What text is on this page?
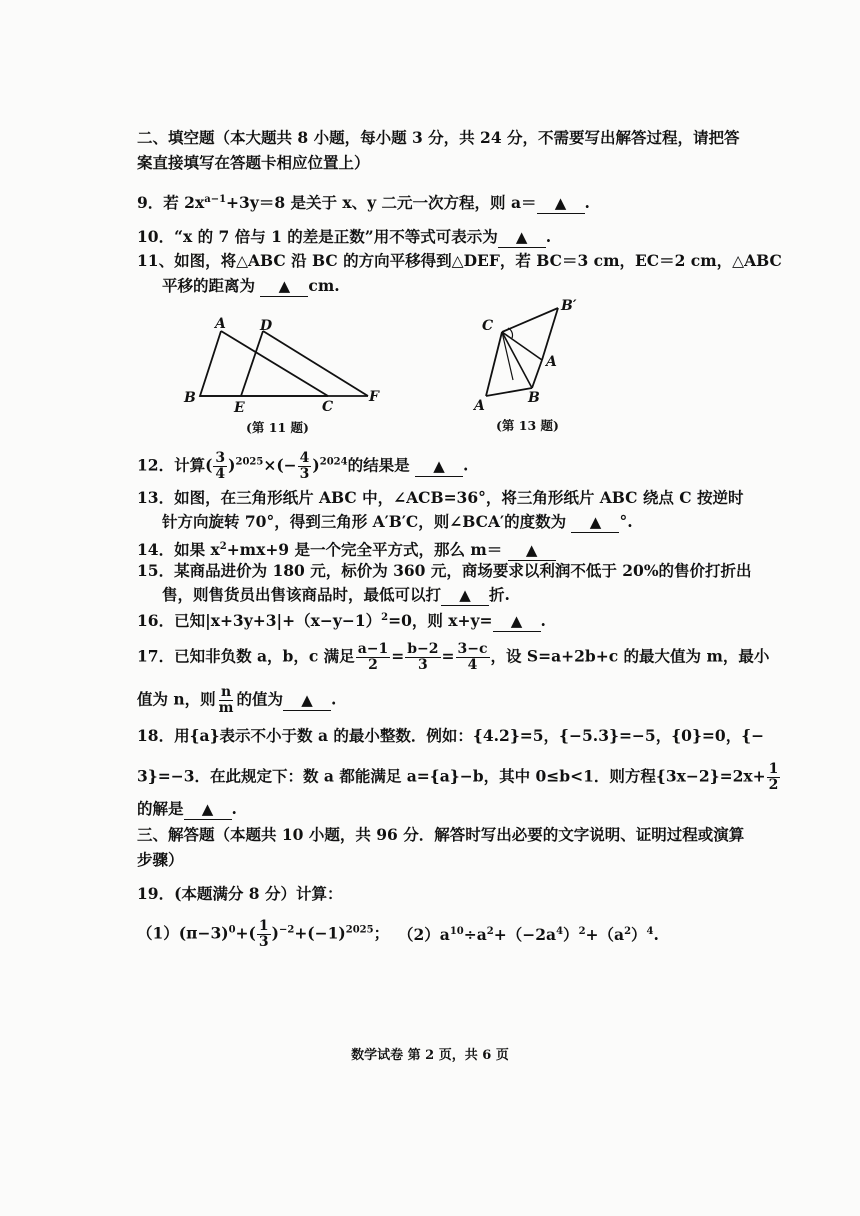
二、填空题（本大题共 8 小题，每小题 3 分，共 24 分，不需要写出解答过程，请把答
案直接填写在答题卡相应位置上）
9．若 $2x^{a-1}+3y=8$ 是关于 x、y 二元一次方程，则 a＝ ▲ .
10．“x 的 7 倍与 1 的差是正数”用不等式可表示为 ▲ .
11、如图，将△ABC 沿 BC 的方向平移得到△DEF，若 BC＝3 cm，EC＝2 cm，△ABC
平移的距离为 ▲ cm.
A D
B
E	C
F
(第 11 题)
C
B′
A
A	B
(第 13 题)
12．计算( $\frac{3}{4} )^{2025}\times(- \frac{4}{3} )^{2024}$的结果是 ▲ .
13．如图，在三角形纸片 ABC 中，∠ACB=36°，将三角形纸片 ABC 绕点 C 按逆时
针方向旋转 70°，得到三角形 A′B′C，则∠BCA′的度数为 ▲ °.
14．如果 $x^2+mx+9$ 是一个完全平方式，那么 m＝ ▲
15．某商品进价为 180 元，标价为 360 元，商场要求以利润不低于 20%的售价打折出
售，则售货员出售该商品时，最低可以打 ▲ 折.
16．已知$|x+3y+3|+(x-y-1)^2=0$，则 x+y= ▲ .
17．已知非负数 a，b，c 满足 $\frac{a-1}{2} = \frac{b-2}{3} = \frac{3-c}{4}$ ，设 S=a+2b+c 的最大值为 m，最小
值为 n，则 $\frac{n}{m}$ 的值为 ▲ .
18．用{a}表示不小于数 a 的最小整数．例如：{4.2}=5，{−5.3}=−5，{0}=0，{−
3}=−3．在此规定下：数 a 都能满足 a={a}−b，其中 0≤b<1．则方程$\{3x-2\}=2x+ \frac{1}{2}$
的解是 ▲ .
三、解答题（本题共 10 小题，共 96 分．解答时写出必要的文字说明、证明过程或演算
步骤）
19．(本题满分 8 分）计算：
$(1)(\pi-3)^0+( \frac{1}{3} )^{-2}+(-1)^{2025}$； $(2)a^{10}\div a^2+(-2a^4)^2+(a^2)^4$.
数学试卷 第 2 页，共 6 页
